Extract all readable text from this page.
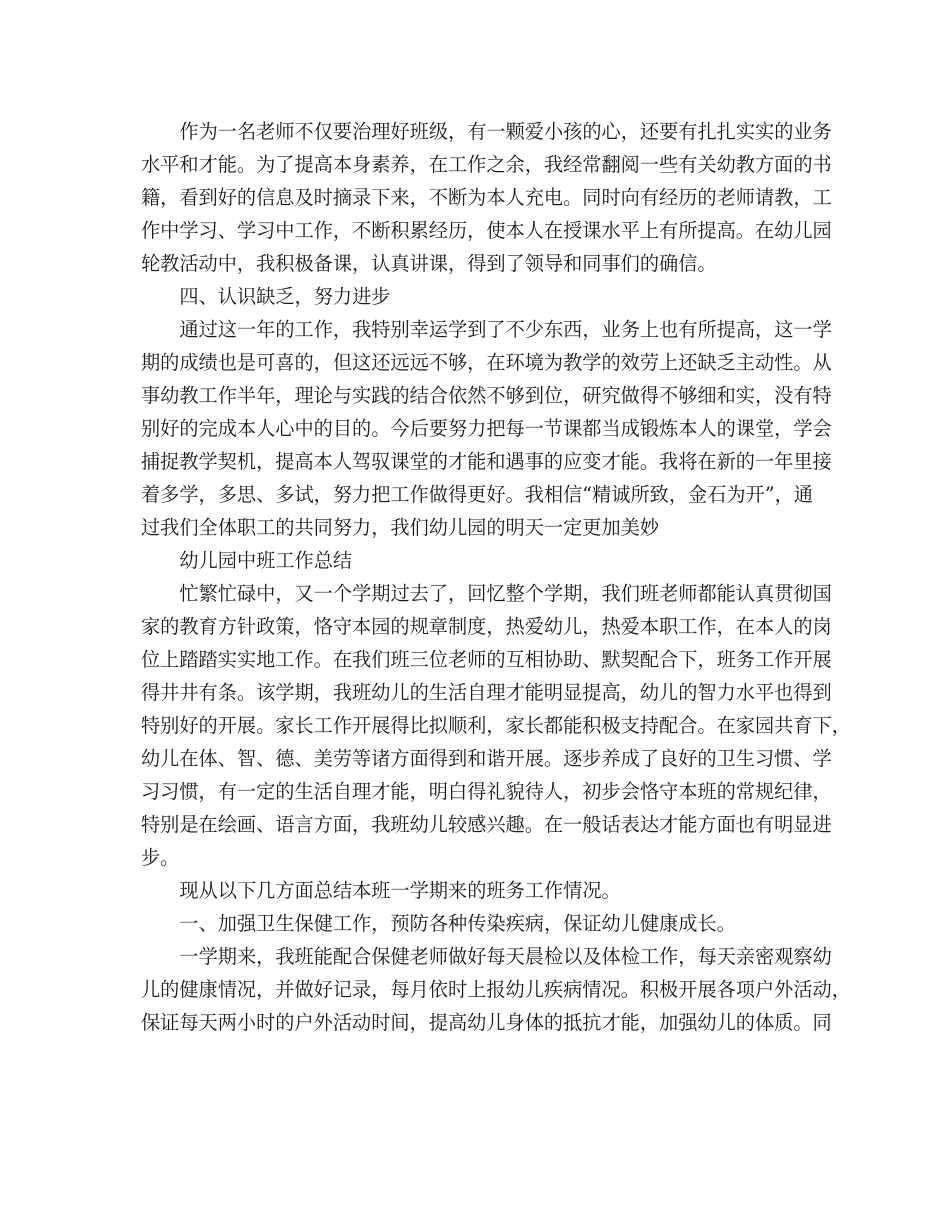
作为一名老师不仅要治理好班级，有一颗爱小孩的心，还要有扎扎实实的业务
水平和才能。为了提高本身素养，在工作之余，我经常翻阅一些有关幼教方面的书
籍，看到好的信息及时摘录下来，不断为本人充电。同时向有经历的老师请教，工
作中学习、学习中工作，不断积累经历，使本人在授课水平上有所提高。在幼儿园
轮教活动中，我积极备课，认真讲课，得到了领导和同事们的确信。
四、认识缺乏，努力进步
通过这一年的工作，我特别幸运学到了不少东西，业务上也有所提高，这一学
期的成绩也是可喜的，但这还远远不够，在环境为教学的效劳上还缺乏主动性。从
事幼教工作半年，理论与实践的结合依然不够到位，研究做得不够细和实，没有特
别好的完成本人心中的目的。今后要努力把每一节课都当成锻炼本人的课堂，学会
捕捉教学契机，提高本人驾驭课堂的才能和遇事的应变才能。我将在新的一年里接
着多学，多思、多试，努力把工作做得更好。我相信“精诚所致，金石为开”，通
过我们全体职工的共同努力，我们幼儿园的明天一定更加美妙
幼儿园中班工作总结
忙繁忙碌中，又一个学期过去了，回忆整个学期，我们班老师都能认真贯彻国
家的教育方针政策，恪守本园的规章制度，热爱幼儿，热爱本职工作，在本人的岗
位上踏踏实实地工作。在我们班三位老师的互相协助、默契配合下，班务工作开展
得井井有条。该学期，我班幼儿的生活自理才能明显提高，幼儿的智力水平也得到
特别好的开展。家长工作开展得比拟顺利，家长都能积极支持配合。在家园共育下，
幼儿在体、智、德、美劳等诸方面得到和谐开展。逐步养成了良好的卫生习惯、学
习习惯，有一定的生活自理才能，明白得礼貌待人，初步会恪守本班的常规纪律，
特别是在绘画、语言方面，我班幼儿较感兴趣。在一般话表达才能方面也有明显进
步。
现从以下几方面总结本班一学期来的班务工作情况。
一、加强卫生保健工作，预防各种传染疾病，保证幼儿健康成长。
一学期来，我班能配合保健老师做好每天晨检以及体检工作，每天亲密观察幼
儿的健康情况，并做好记录，每月依时上报幼儿疾病情况。积极开展各项户外活动，
保证每天两小时的户外活动时间，提高幼儿身体的抵抗才能，加强幼儿的体质。同
